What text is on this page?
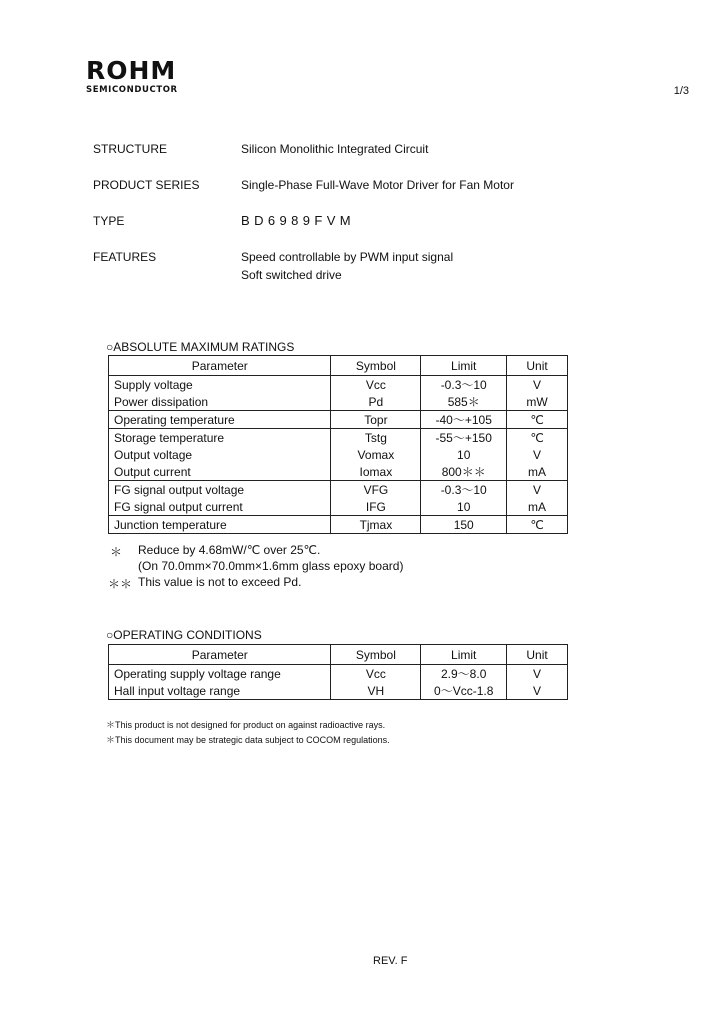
ROHM
SEMICONDUCTOR	1/3
STRUCTURE	Silicon Monolithic Integrated Circuit
PRODUCT SERIES	Single-Phase Full-Wave Motor Driver for Fan Motor
TYPE	BD6989FVM
FEATURES	Speed controllable by PWM input signal
Soft switched drive
○ABSOLUTE MAXIMUM RATINGS
Parameter	Symbol	Limit	Unit
Supply voltage	Vcc	-0.3～10	V
Power dissipation	Pd	585＊	mW
Operating temperature	Topr	-40～+105	℃
Storage temperature	Tstg	-55～+150	℃
Output voltage	Vomax	10	V
Output current	Iomax	800＊＊	mA
FG signal output voltage	VFG	-0.3～10	V
FG signal output current	IFG	10	mA
Junction temperature	Tjmax	150	℃
＊ Reduce by 4.68mW/℃ over 25℃.
(On 70.0mm×70.0mm×1.6mm glass epoxy board)
＊＊ This value is not to exceed Pd.
○OPERATING CONDITIONS
Parameter	Symbol	Limit	Unit
Operating supply voltage range	Vcc	2.9～8.0	V
Hall input voltage range	VH	0～Vcc-1.8	V
＊This product is not designed for product on against radioactive rays.
＊This document may be strategic data subject to COCOM regulations.
REV. F
